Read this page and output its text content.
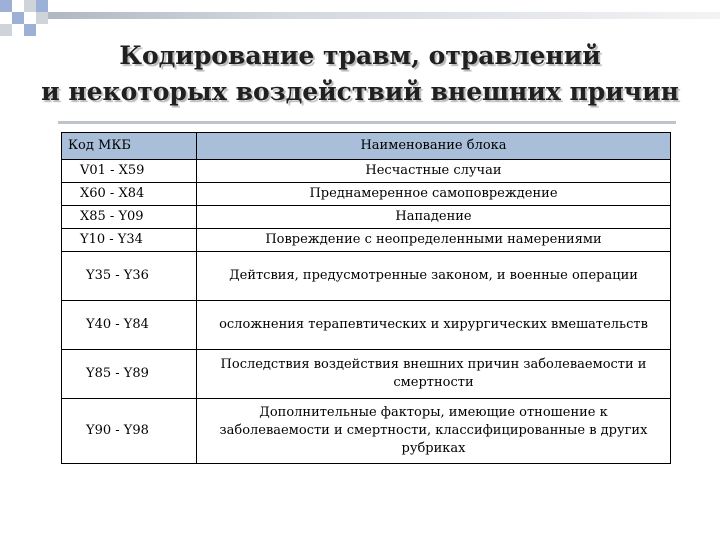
Кодирование травм, отравлений
и некоторых воздействий внешних причин
Код МКБ	Наименование блока
V01 - X59	Несчастные случаи
X60 - X84	Преднамеренное самоповреждение
X85 - Y09	Нападение
Y10 - Y34	Повреждение с неопределенными намерениями
Y35 - Y36	Дейтсвия, предусмотренные законом, и военные операции
Y40 - Y84	осложнения терапевтических и хирургических вмешательств
Y85 - Y89	Последствия воздействия внешних причин заболеваемости и смертности
Y90 - Y98	Дополнительные факторы, имеющие отношение к заболеваемости и смертности, классифицированные в других рубриках
